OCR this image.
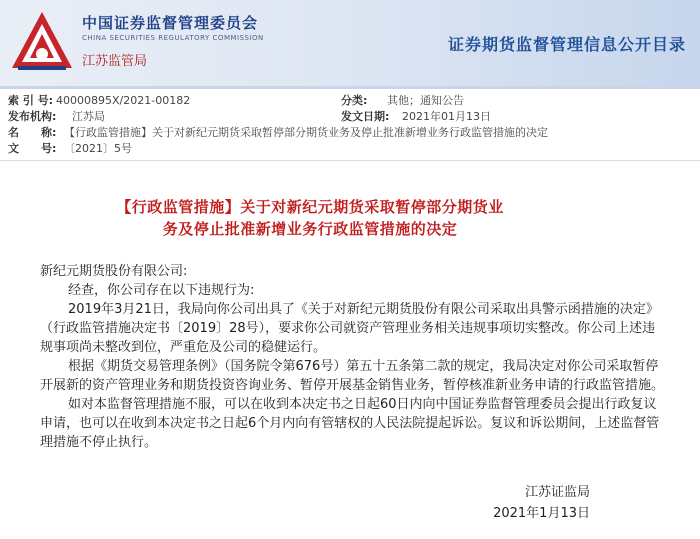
中国证券监督管理委员会
CHINA SECURITIES REGULATORY COMMISSION
江苏监管局
证券期货监督管理信息公开目录
索 引 号: 40000895X/2021-00182	分类: 其他；通知公告
发布机构: 江苏局	发文日期: 2021年01月13日
名　　称: 【行政监管措施】关于对新纪元期货采取暂停部分期货业务及停止批准新增业务行政监管措施的决定
文　　号: 〔2021〕5号
【行政监管措施】关于对新纪元期货采取暂停部分期货业
务及停止批准新增业务行政监管措施的决定

新纪元期货股份有限公司:

经查，你公司存在以下违规行为:

2019年3月21日，我局向你公司出具了《关于对新纪元期货股份有限公司采取出具警示函措施的决定》（行政监管措施决定书〔2019〕28号），要求你公司就资产管理业务相关违规事项切实整改。你公司上述违规事项尚未整改到位，严重危及公司的稳健运行。

根据《期货交易管理条例》（国务院令第676号）第五十五条第二款的规定，我局决定对你公司采取暂停开展新的资产管理业务和期货投资咨询业务、暂停开展基金销售业务，暂停核准新业务申请的行政监管措施。

如对本监督管理措施不服，可以在收到本决定书之日起60日内向中国证券监督管理委员会提出行政复议申请，也可以在收到本决定书之日起6个月内向有管辖权的人民法院提起诉讼。复议和诉讼期间，上述监督管理措施不停止执行。

江苏证监局
2021年1月13日
